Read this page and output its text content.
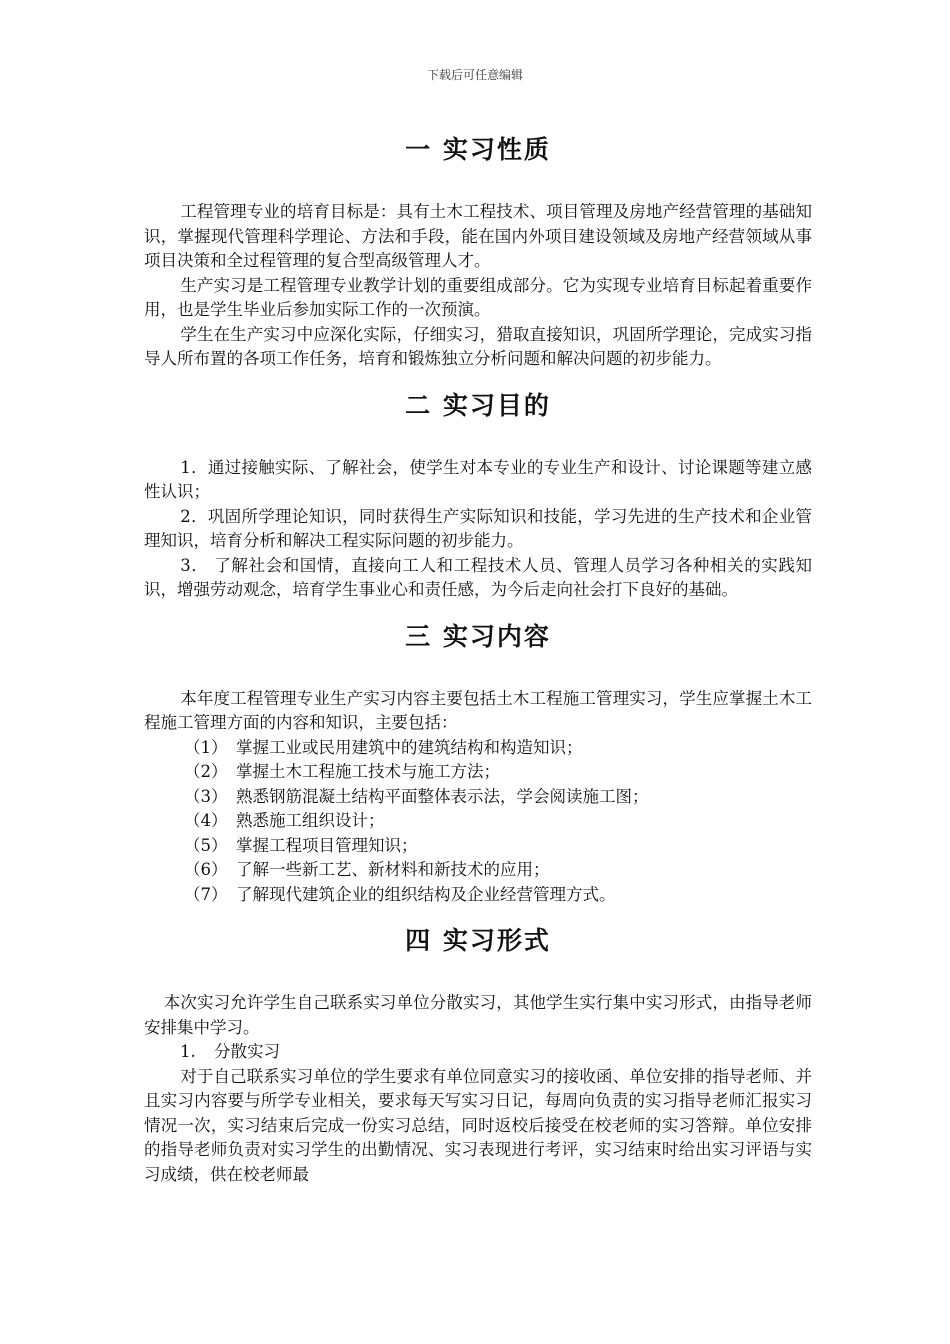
下载后可任意编辑
一 实习性质

工程管理专业的培育目标是：具有土木工程技术、项目管理及房地产经营管理的基础知识，掌握现代管理科学理论、方法和手段，能在国内外项目建设领域及房地产经营领域从事项目决策和全过程管理的复合型高级管理人才。

生产实习是工程管理专业教学计划的重要组成部分。它为实现专业培育目标起着重要作用，也是学生毕业后参加实际工作的一次预演。

学生在生产实习中应深化实际，仔细实习，猎取直接知识，巩固所学理论，完成实习指导人所布置的各项工作任务，培育和锻炼独立分析问题和解决问题的初步能力。

二 实习目的

1．通过接触实际、了解社会，使学生对本专业的专业生产和设计、讨论课题等建立感性认识；

2．巩固所学理论知识，同时获得生产实际知识和技能，学习先进的生产技术和企业管理知识，培育分析和解决工程实际问题的初步能力。

3． 了解社会和国情，直接向工人和工程技术人员、管理人员学习各种相关的实践知识，增强劳动观念，培育学生事业心和责任感，为今后走向社会打下良好的基础。

三 实习内容

本年度工程管理专业生产实习内容主要包括土木工程施工管理实习，学生应掌握土木工程施工管理方面的内容和知识，主要包括：

（1） 掌握工业或民用建筑中的建筑结构和构造知识；
（2） 掌握土木工程施工技术与施工方法；
（3） 熟悉钢筋混凝土结构平面整体表示法，学会阅读施工图；
（4） 熟悉施工组织设计；
（5） 掌握工程项目管理知识；
（6） 了解一些新工艺、新材料和新技术的应用；
（7） 了解现代建筑企业的组织结构及企业经营管理方式。
四 实习形式

本次实习允许学生自己联系实习单位分散实习，其他学生实行集中实习形式，由指导老师安排集中学习。

1. 分散实习

对于自己联系实习单位的学生要求有单位同意实习的接收函、单位安排的指导老师、并且实习内容要与所学专业相关，要求每天写实习日记，每周向负责的实习指导老师汇报实习情况一次，实习结束后完成一份实习总结，同时返校后接受在校老师的实习答辩。单位安排的指导老师负责对实习学生的出勤情况、实习表现进行考评，实习结束时给出实习评语与实习成绩，供在校老师最
